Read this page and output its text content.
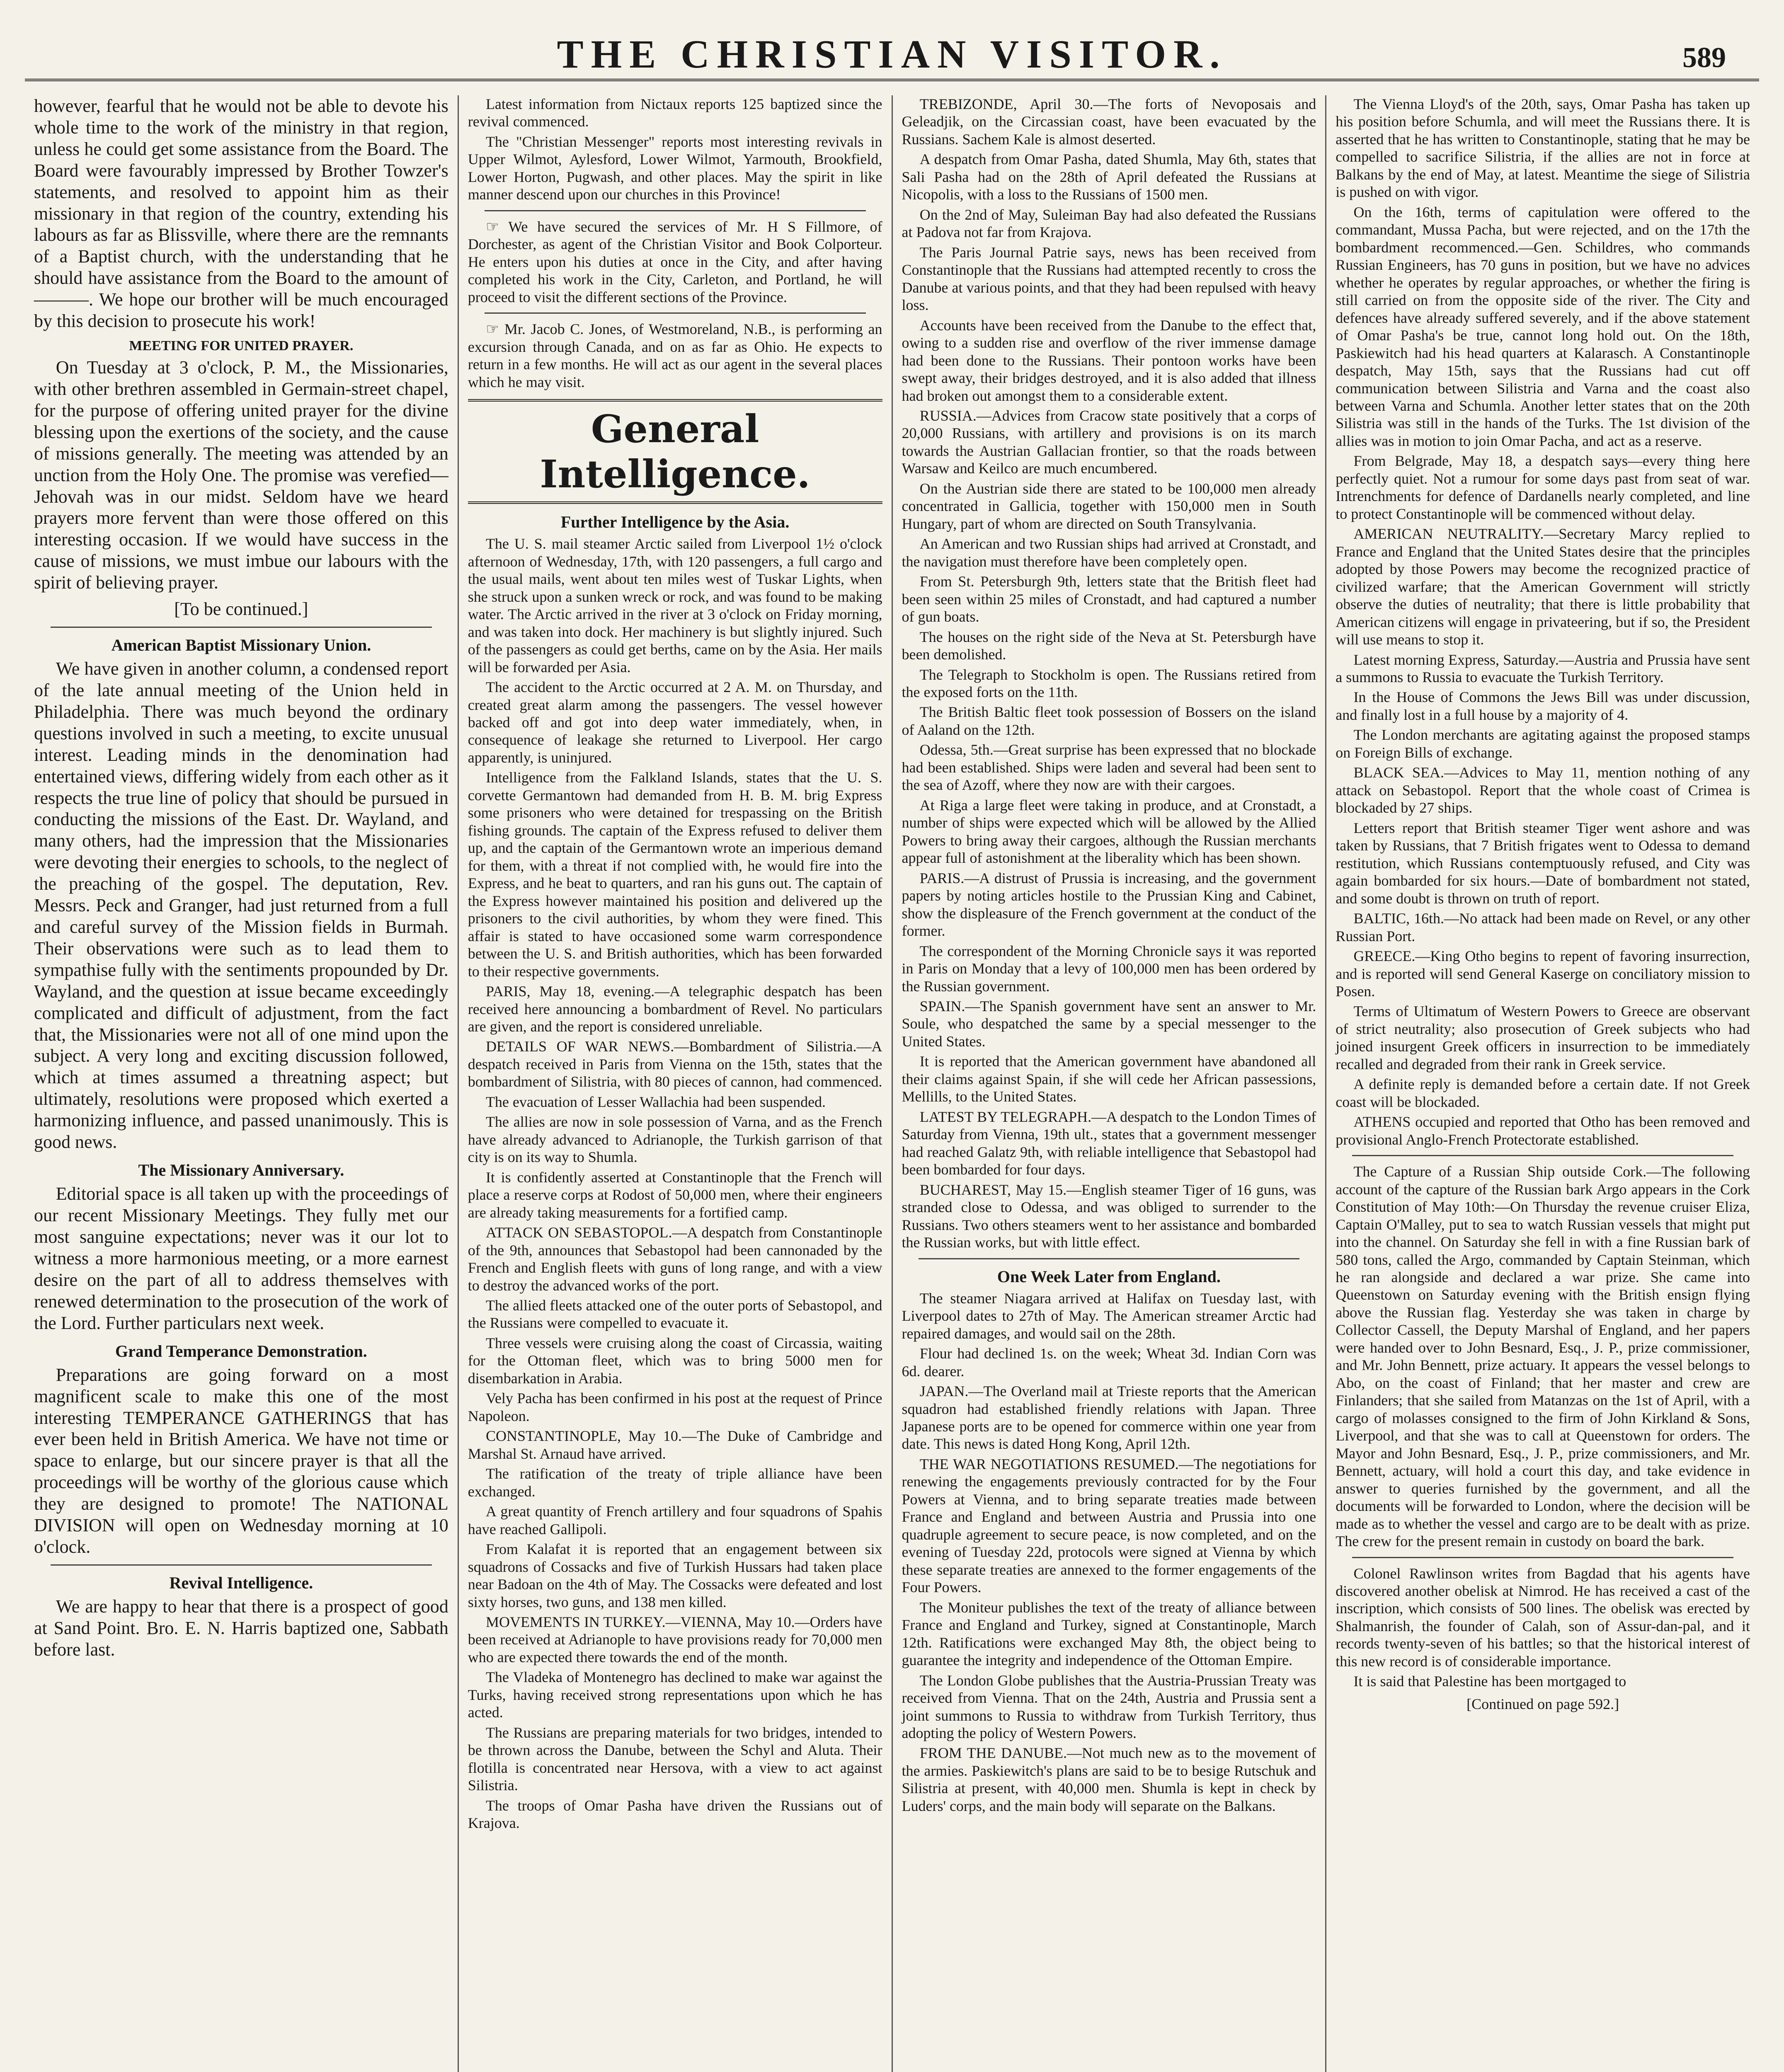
THE CHRISTIAN VISITOR.	589

however, fearful that he would not be able to devote his whole time to the work of the ministry in that region, unless he could get some assistance from the Board. The Board were favourably impressed by Brother Towzer's statements, and resolved to appoint him as their missionary in that region of the country, extending his labours as far as Blissville, where there are the remnants of a Baptist church, with the understanding that he should have assistance from the Board to the amount of———. We hope our brother will be much encouraged by this decision to prosecute his work!

MEETING FOR UNITED PRAYER.

On Tuesday at 3 o'clock, P. M., the Missionaries, with other brethren assembled in Germain-street chapel, for the purpose of offering united prayer for the divine blessing upon the exertions of the society, and the cause of missions generally. The meeting was attended by an unction from the Holy One. The promise was verefied—Jehovah was in our midst. Seldom have we heard prayers more fervent than were those offered on this interesting occasion. If we would have success in the cause of missions, we must imbue our labours with the spirit of believing prayer.

[To be continued.]
American Baptist Missionary Union.

We have given in another column, a condensed report of the late annual meeting of the Union held in Philadelphia. There was much beyond the ordinary questions involved in such a meeting, to excite unusual interest. Leading minds in the denomination had entertained views, differing widely from each other as it respects the true line of policy that should be pursued in conducting the missions of the East. Dr. Wayland, and many others, had the impression that the Missionaries were devoting their energies to schools, to the neglect of the preaching of the gospel. The deputation, Rev. Messrs. Peck and Granger, had just returned from a full and careful survey of the Mission fields in Burmah. Their observations were such as to lead them to sympathise fully with the sentiments propounded by Dr. Wayland, and the question at issue became exceedingly complicated and difficult of adjustment, from the fact that, the Missionaries were not all of one mind upon the subject. A very long and exciting discussion followed, which at times assumed a threatning aspect; but ultimately, resolutions were proposed which exerted a harmonizing influence, and passed unanimously. This is good news.

The Missionary Anniversary.

Editorial space is all taken up with the proceedings of our recent Missionary Meetings. They fully met our most sanguine expectations; never was it our lot to witness a more harmonious meeting, or a more earnest desire on the part of all to address themselves with renewed determination to the prosecution of the work of the Lord. Further particulars next week.

Grand Temperance Demonstration.

Preparations are going forward on a most magnificent scale to make this one of the most interesting TEMPERANCE GATHERINGS that has ever been held in British America. We have not time or space to enlarge, but our sincere prayer is that all the proceedings will be worthy of the glorious cause which they are designed to promote! The NATIONAL DIVISION will open on Wednesday morning at 10 o'clock.

Revival Intelligence.

We are happy to hear that there is a prospect of good at Sand Point. Bro. E. N. Harris baptized one, Sabbath before last.

Latest information from Nictaux reports 125 baptized since the revival commenced.

The "Christian Messenger" reports most interesting revivals in Upper Wilmot, Aylesford, Lower Wilmot, Yarmouth, Brookfield, Lower Horton, Pugwash, and other places. May the spirit in like manner descend upon our churches in this Province!

☞ We have secured the services of Mr. H S Fillmore, of Dorchester, as agent of the Christian Visitor and Book Colporteur. He enters upon his duties at once in the City, and after having completed his work in the City, Carleton, and Portland, he will proceed to visit the different sections of the Province.

☞ Mr. Jacob C. Jones, of Westmoreland, N.B., is performing an excursion through Canada, and on as far as Ohio. He expects to return in a few months. He will act as our agent in the several places which he may visit.

General Intelligence.
Further Intelligence by the Asia.

The U. S. mail steamer Arctic sailed from Liverpool 1½ o'clock afternoon of Wednesday, 17th, with 120 passengers, a full cargo and the usual mails, went about ten miles west of Tuskar Lights, when she struck upon a sunken wreck or rock, and was found to be making water. The Arctic arrived in the river at 3 o'clock on Friday morning, and was taken into dock. Her machinery is but slightly injured. Such of the passengers as could get berths, came on by the Asia. Her mails will be forwarded per Asia.

The accident to the Arctic occurred at 2 A. M. on Thursday, and created great alarm among the passengers. The vessel however backed off and got into deep water immediately, when, in consequence of leakage she returned to Liverpool. Her cargo apparently, is uninjured.

Intelligence from the Falkland Islands, states that the U. S. corvette Germantown had demanded from H. B. M. brig Express some prisoners who were detained for trespassing on the British fishing grounds. The captain of the Express refused to deliver them up, and the captain of the Germantown wrote an imperious demand for them, with a threat if not complied with, he would fire into the Express, and he beat to quarters, and ran his guns out. The captain of the Express however maintained his position and delivered up the prisoners to the civil authorities, by whom they were fined. This affair is stated to have occasioned some warm correspondence between the U. S. and British authorities, which has been forwarded to their respective governments.

PARIS, May 18, evening.—A telegraphic despatch has been received here announcing a bombardment of Revel. No particulars are given, and the report is considered unreliable.

DETAILS OF WAR NEWS.—Bombardment of Silistria.—A despatch received in Paris from Vienna on the 15th, states that the bombardment of Silistria, with 80 pieces of cannon, had commenced.

The evacuation of Lesser Wallachia had been suspended.

The allies are now in sole possession of Varna, and as the French have already advanced to Adrianople, the Turkish garrison of that city is on its way to Shumla.

It is confidently asserted at Constantinople that the French will place a reserve corps at Rodost of 50,000 men, where their engineers are already taking measurements for a fortified camp.

ATTACK ON SEBASTOPOL.—A despatch from Constantinople of the 9th, announces that Sebastopol had been cannonaded by the French and English fleets with guns of long range, and with a view to destroy the advanced works of the port.

The allied fleets attacked one of the outer ports of Sebastopol, and the Russians were compelled to evacuate it.

Three vessels were cruising along the coast of Circassia, waiting for the Ottoman fleet, which was to bring 5000 men for disembarkation in Arabia.

Vely Pacha has been confirmed in his post at the request of Prince Napoleon.

CONSTANTINOPLE, May 10.—The Duke of Cambridge and Marshal St. Arnaud have arrived.

The ratification of the treaty of triple alliance have been exchanged.

A great quantity of French artillery and four squadrons of Spahis have reached Gallipoli.

From Kalafat it is reported that an engagement between six squadrons of Cossacks and five of Turkish Hussars had taken place near Badoan on the 4th of May. The Cossacks were defeated and lost sixty horses, two guns, and 138 men killed.

MOVEMENTS IN TURKEY.—VIENNA, May 10.—Orders have been received at Adrianople to have provisions ready for 70,000 men who are expected there towards the end of the month.

The Vladeka of Montenegro has declined to make war against the Turks, having received strong representations upon which he has acted.

The Russians are preparing materials for two bridges, intended to be thrown across the Danube, between the Schyl and Aluta. Their flotilla is concentrated near Hersova, with a view to act against Silistria.

The troops of Omar Pasha have driven the Russians out of Krajova.

TREBIZONDE, April 30.—The forts of Nevoposais and Geleadjik, on the Circassian coast, have been evacuated by the Russians. Sachem Kale is almost deserted.

A despatch from Omar Pasha, dated Shumla, May 6th, states that Sali Pasha had on the 28th of April defeated the Russians at Nicopolis, with a loss to the Russians of 1500 men.

On the 2nd of May, Suleiman Bay had also defeated the Russians at Padova not far from Krajova.

The Paris Journal Patrie says, news has been received from Constantinople that the Russians had attempted recently to cross the Danube at various points, and that they had been repulsed with heavy loss.

Accounts have been received from the Danube to the effect that, owing to a sudden rise and overflow of the river immense damage had been done to the Russians. Their pontoon works have been swept away, their bridges destroyed, and it is also added that illness had broken out amongst them to a considerable extent.

RUSSIA.—Advices from Cracow state positively that a corps of 20,000 Russians, with artillery and provisions is on its march towards the Austrian Gallacian frontier, so that the roads between Warsaw and Keilco are much encumbered.

On the Austrian side there are stated to be 100,000 men already concentrated in Gallicia, together with 150,000 men in South Hungary, part of whom are directed on South Transylvania.

An American and two Russian ships had arrived at Cronstadt, and the navigation must therefore have been completely open.

From St. Petersburgh 9th, letters state that the British fleet had been seen within 25 miles of Cronstadt, and had captured a number of gun boats.

The houses on the right side of the Neva at St. Petersburgh have been demolished.

The Telegraph to Stockholm is open. The Russians retired from the exposed forts on the 11th.

The British Baltic fleet took possession of Bossers on the island of Aaland on the 12th.

Odessa, 5th.—Great surprise has been expressed that no blockade had been established. Ships were laden and several had been sent to the sea of Azoff, where they now are with their cargoes.

At Riga a large fleet were taking in produce, and at Cronstadt, a number of ships were expected which will be allowed by the Allied Powers to bring away their cargoes, although the Russian merchants appear full of astonishment at the liberality which has been shown.

PARIS.—A distrust of Prussia is increasing, and the government papers by noting articles hostile to the Prussian King and Cabinet, show the displeasure of the French government at the conduct of the former.

The correspondent of the Morning Chronicle says it was reported in Paris on Monday that a levy of 100,000 men has been ordered by the Russian government.

SPAIN.—The Spanish government have sent an answer to Mr. Soule, who despatched the same by a special messenger to the United States.

It is reported that the American government have abandoned all their claims against Spain, if she will cede her African passessions, Mellills, to the United States.

LATEST BY TELEGRAPH.—A despatch to the London Times of Saturday from Vienna, 19th ult., states that a government messenger had reached Galatz 9th, with reliable intelligence that Sebastopol had been bombarded for four days.

BUCHAREST, May 15.—English steamer Tiger of 16 guns, was stranded close to Odessa, and was obliged to surrender to the Russians. Two others steamers went to her assistance and bombarded the Russian works, but with little effect.

One Week Later from England.

The steamer Niagara arrived at Halifax on Tuesday last, with Liverpool dates to 27th of May. The American streamer Arctic had repaired damages, and would sail on the 28th.

Flour had declined 1s. on the week; Wheat 3d. Indian Corn was 6d. dearer.

JAPAN.—The Overland mail at Trieste reports that the American squadron had established friendly relations with Japan. Three Japanese ports are to be opened for commerce within one year from date. This news is dated Hong Kong, April 12th.

THE WAR NEGOTIATIONS RESUMED.—The negotiations for renewing the engagements previously contracted for by the Four Powers at Vienna, and to bring separate treaties made between France and England and between Austria and Prussia into one quadruple agreement to secure peace, is now completed, and on the evening of Tuesday 22d, protocols were signed at Vienna by which these separate treaties are annexed to the former engagements of the Four Powers.

The Moniteur publishes the text of the treaty of alliance between France and England and Turkey, signed at Constantinople, March 12th. Ratifications were exchanged May 8th, the object being to guarantee the integrity and independence of the Ottoman Empire.

The London Globe publishes that the Austria-Prussian Treaty was received from Vienna. That on the 24th, Austria and Prussia sent a joint summons to Russia to withdraw from Turkish Territory, thus adopting the policy of Western Powers.

FROM THE DANUBE.—Not much new as to the movement of the armies. Paskiewitch's plans are said to be to besige Rutschuk and Silistria at present, with 40,000 men. Shumla is kept in check by Luders' corps, and the main body will separate on the Balkans.

The Vienna Lloyd's of the 20th, says, Omar Pasha has taken up his position before Schumla, and will meet the Russians there. It is asserted that he has written to Constantinople, stating that he may be compelled to sacrifice Silistria, if the allies are not in force at Balkans by the end of May, at latest. Meantime the siege of Silistria is pushed on with vigor.

On the 16th, terms of capitulation were offered to the commandant, Mussa Pacha, but were rejected, and on the 17th the bombardment recommenced.—Gen. Schildres, who commands Russian Engineers, has 70 guns in position, but we have no advices whether he operates by regular approaches, or whether the firing is still carried on from the opposite side of the river. The City and defences have already suffered severely, and if the above statement of Omar Pasha's be true, cannot long hold out. On the 18th, Paskiewitch had his head quarters at Kalarasch. A Constantinople despatch, May 15th, says that the Russians had cut off communication between Silistria and Varna and the coast also between Varna and Schumla. Another letter states that on the 20th Silistria was still in the hands of the Turks. The 1st division of the allies was in motion to join Omar Pacha, and act as a reserve.

From Belgrade, May 18, a despatch says—every thing here perfectly quiet. Not a rumour for some days past from seat of war. Intrenchments for defence of Dardanells nearly completed, and line to protect Constantinople will be commenced without delay.

AMERICAN NEUTRALITY.—Secretary Marcy replied to France and England that the United States desire that the principles adopted by those Powers may become the recognized practice of civilized warfare; that the American Government will strictly observe the duties of neutrality; that there is little probability that American citizens will engage in privateering, but if so, the President will use means to stop it.

Latest morning Express, Saturday.—Austria and Prussia have sent a summons to Russia to evacuate the Turkish Territory.

In the House of Commons the Jews Bill was under discussion, and finally lost in a full house by a majority of 4.

The London merchants are agitating against the proposed stamps on Foreign Bills of exchange.

BLACK SEA.—Advices to May 11, mention nothing of any attack on Sebastopol. Report that the whole coast of Crimea is blockaded by 27 ships.

Letters report that British steamer Tiger went ashore and was taken by Russians, that 7 British frigates went to Odessa to demand restitution, which Russians contemptuously refused, and City was again bombarded for six hours.—Date of bombardment not stated, and some doubt is thrown on truth of report.

BALTIC, 16th.—No attack had been made on Revel, or any other Russian Port.

GREECE.—King Otho begins to repent of favoring insurrection, and is reported will send General Kaserge on conciliatory mission to Posen.

Terms of Ultimatum of Western Powers to Greece are observant of strict neutrality; also prosecution of Greek subjects who had joined insurgent Greek officers in insurrection to be immediately recalled and degraded from their rank in Greek service.

A definite reply is demanded before a certain date. If not Greek coast will be blockaded.

ATHENS occupied and reported that Otho has been removed and provisional Anglo-French Protectorate established.

The Capture of a Russian Ship outside Cork.—The following account of the capture of the Russian bark Argo appears in the Cork Constitution of May 10th:—On Thursday the revenue cruiser Eliza, Captain O'Malley, put to sea to watch Russian vessels that might put into the channel. On Saturday she fell in with a fine Russian bark of 580 tons, called the Argo, commanded by Captain Steinman, which he ran alongside and declared a war prize. She came into Queenstown on Saturday evening with the British ensign flying above the Russian flag. Yesterday she was taken in charge by Collector Cassell, the Deputy Marshal of England, and her papers were handed over to John Besnard, Esq., J. P., prize commissioner, and Mr. John Bennett, prize actuary. It appears the vessel belongs to Abo, on the coast of Finland; that her master and crew are Finlanders; that she sailed from Matanzas on the 1st of April, with a cargo of molasses consigned to the firm of John Kirkland & Sons, Liverpool, and that she was to call at Queenstown for orders. The Mayor and John Besnard, Esq., J. P., prize commissioners, and Mr. Bennett, actuary, will hold a court this day, and take evidence in answer to queries furnished by the government, and all the documents will be forwarded to London, where the decision will be made as to whether the vessel and cargo are to be dealt with as prize. The crew for the present remain in custody on board the bark.

Colonel Rawlinson writes from Bagdad that his agents have discovered another obelisk at Nimrod. He has received a cast of the inscription, which consists of 500 lines. The obelisk was erected by Shalmanrish, the founder of Calah, son of Assur-dan-pal, and it records twenty-seven of his battles; so that the historical interest of this new record is of considerable importance.

It is said that Palestine has been mortgaged to

[Continued on page 592.]
